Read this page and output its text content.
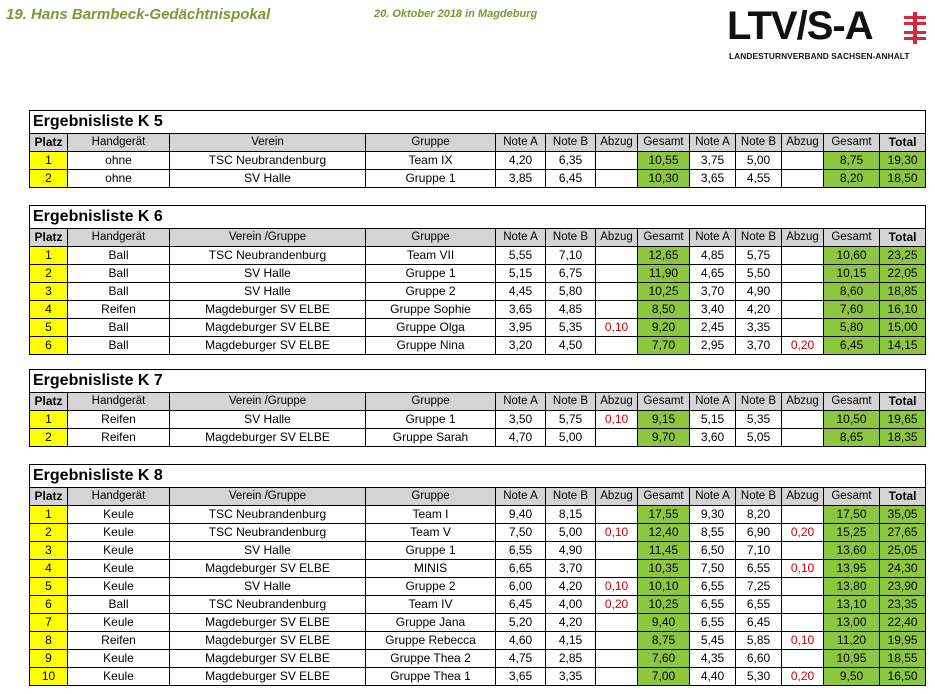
19. Hans Barmbeck-Gedächtnispokal	20. Oktober 2018 in Magdeburg	LTV/S-A
LANDESTURNVERBAND SACHSEN-ANHALT
Ergebnisliste K 5												
Platz	Handgerät	Verein	Gruppe	Note A	Note B	Abzug	Gesamt	Note A	Note B	Abzug	Gesamt	Total
1	ohne	TSC Neubrandenburg	Team IX	4,20	6,35		10,55	3,75	5,00		8,75	19,30
2	ohne	SV Halle	Gruppe 1	3,85	6,45		10,30	3,65	4,55		8,20	18,50
Ergebnisliste K 6												
Platz	Handgerät	Verein /Gruppe	Gruppe	Note A	Note B	Abzug	Gesamt	Note A	Note B	Abzug	Gesamt	Total
1	Ball	TSC Neubrandenburg	Team VII	5,55	7,10		12,65	4,85	5,75		10,60	23,25
2	Ball	SV Halle	Gruppe 1	5,15	6,75		11,90	4,65	5,50		10,15	22,05
3	Ball	SV Halle	Gruppe 2	4,45	5,80		10,25	3,70	4,90		8,60	18,85
4	Reifen	Magdeburger SV ELBE	Gruppe Sophie	3,65	4,85		8,50	3,40	4,20		7,60	16,10
5	Ball	Magdeburger SV ELBE	Gruppe Olga	3,95	5,35	0,10	9,20	2,45	3,35		5,80	15,00
6	Ball	Magdeburger SV ELBE	Gruppe Nina	3,20	4,50		7,70	2,95	3,70	0,20	6,45	14,15
Ergebnisliste K 7												
Platz	Handgerät	Verein /Gruppe	Gruppe	Note A	Note B	Abzug	Gesamt	Note A	Note B	Abzug	Gesamt	Total
1	Reifen	SV Halle	Gruppe 1	3,50	5,75	0,10	9,15	5,15	5,35		10,50	19,65
2	Reifen	Magdeburger SV ELBE	Gruppe Sarah	4,70	5,00		9,70	3,60	5,05		8,65	18,35
Ergebnisliste K 8												
Platz	Handgerät	Verein /Gruppe	Gruppe	Note A	Note B	Abzug	Gesamt	Note A	Note B	Abzug	Gesamt	Total
1	Keule	TSC Neubrandenburg	Team I	9,40	8,15		17,55	9,30	8,20		17,50	35,05
2	Keule	TSC Neubrandenburg	Team V	7,50	5,00	0,10	12,40	8,55	6,90	0,20	15,25	27,65
3	Keule	SV Halle	Gruppe 1	6,55	4,90		11,45	6,50	7,10		13,60	25,05
4	Keule	Magdeburger SV ELBE	MINIS	6,65	3,70		10,35	7,50	6,55	0,10	13,95	24,30
5	Keule	SV Halle	Gruppe 2	6,00	4,20	0,10	10,10	6,55	7,25		13,80	23,90
6	Ball	TSC Neubrandenburg	Team IV	6,45	4,00	0,20	10,25	6,55	6,55		13,10	23,35
7	Keule	Magdeburger SV ELBE	Gruppe Jana	5,20	4,20		9,40	6,55	6,45		13,00	22,40
8	Reifen	Magdeburger SV ELBE	Gruppe Rebecca	4,60	4,15		8,75	5,45	5,85	0,10	11,20	19,95
9	Keule	Magdeburger SV ELBE	Gruppe Thea 2	4,75	2,85		7,60	4,35	6,60		10,95	18,55
10	Keule	Magdeburger SV ELBE	Gruppe Thea 1	3,65	3,35		7,00	4,40	5,30	0,20	9,50	16,50
